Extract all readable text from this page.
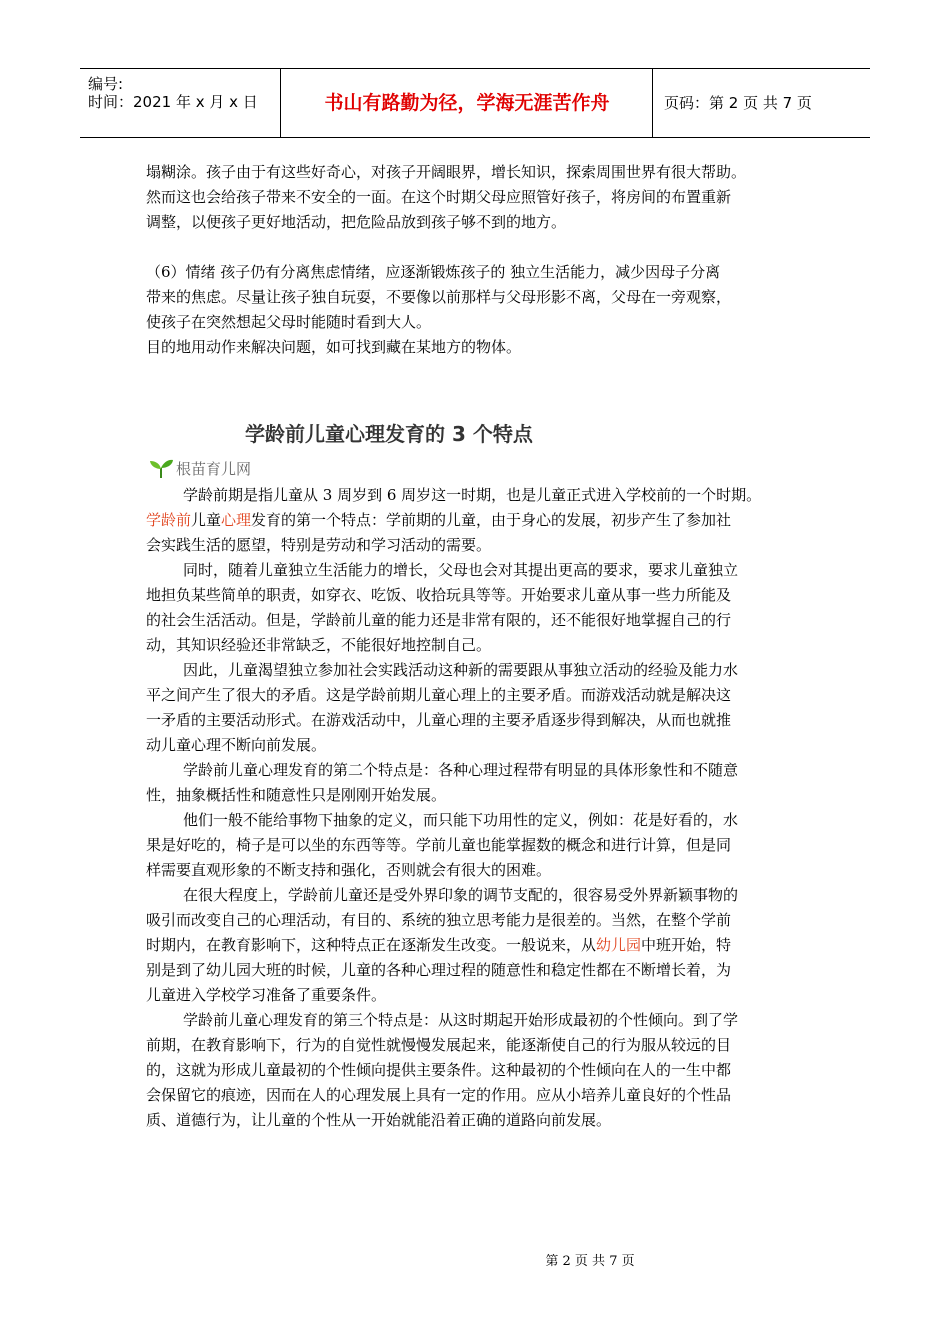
编号:
时间：2021 年 x 月 x 日	书山有路勤为径，学海无涯苦作舟	页码：第 2 页 共 7 页
塌糊涂。孩子由于有这些好奇心，对孩子开阔眼界，增长知识，探索周围世界有很大帮助。
然而这也会给孩子带来不安全的一面。在这个时期父母应照管好孩子，将房间的布置重新
调整，以便孩子更好地活动，把危险品放到孩子够不到的地方。
（6）情绪 孩子仍有分离焦虑情绪，应逐渐锻炼孩子的 独立生活能力，减少因母子分离
带来的焦虑。尽量让孩子独自玩耍，不要像以前那样与父母形影不离，父母在一旁观察，
使孩子在突然想起父母时能随时看到大人。
目的地用动作来解决问题，如可找到藏在某地方的物体。
学龄前儿童心理发育的 3 个特点
根苗育儿网
学龄前期是指儿童从 3 周岁到 6 周岁这一时期，也是儿童正式进入学校前的一个时期。
学龄前儿童心理发育的第一个特点：学前期的儿童，由于身心的发展，初步产生了参加社
会实践生活的愿望，特别是劳动和学习活动的需要。
同时，随着儿童独立生活能力的增长，父母也会对其提出更高的要求，要求儿童独立
地担负某些简单的职责，如穿衣、吃饭、收拾玩具等等。开始要求儿童从事一些力所能及
的社会生活活动。但是，学龄前儿童的能力还是非常有限的，还不能很好地掌握自己的行
动，其知识经验还非常缺乏，不能很好地控制自己。
因此，儿童渴望独立参加社会实践活动这种新的需要跟从事独立活动的经验及能力水
平之间产生了很大的矛盾。这是学龄前期儿童心理上的主要矛盾。而游戏活动就是解决这
一矛盾的主要活动形式。在游戏活动中，儿童心理的主要矛盾逐步得到解决，从而也就推
动儿童心理不断向前发展。
学龄前儿童心理发育的第二个特点是：各种心理过程带有明显的具体形象性和不随意
性，抽象概括性和随意性只是刚刚开始发展。
他们一般不能给事物下抽象的定义，而只能下功用性的定义，例如：花是好看的，水
果是好吃的，椅子是可以坐的东西等等。学前儿童也能掌握数的概念和进行计算，但是同
样需要直观形象的不断支持和强化，否则就会有很大的困难。
在很大程度上，学龄前儿童还是受外界印象的调节支配的，很容易受外界新颖事物的
吸引而改变自己的心理活动，有目的、系统的独立思考能力是很差的。当然，在整个学前
时期内，在教育影响下，这种特点正在逐渐发生改变。一般说来，从幼儿园中班开始，特
别是到了幼儿园大班的时候，儿童的各种心理过程的随意性和稳定性都在不断增长着，为
儿童进入学校学习准备了重要条件。
学龄前儿童心理发育的第三个特点是：从这时期起开始形成最初的个性倾向。到了学
前期，在教育影响下，行为的自觉性就慢慢发展起来，能逐渐使自己的行为服从较远的目
的，这就为形成儿童最初的个性倾向提供主要条件。这种最初的个性倾向在人的一生中都
会保留它的痕迹，因而在人的心理发展上具有一定的作用。应从小培养儿童良好的个性品
质、道德行为，让儿童的个性从一开始就能沿着正确的道路向前发展。
第 2 页 共 7 页
